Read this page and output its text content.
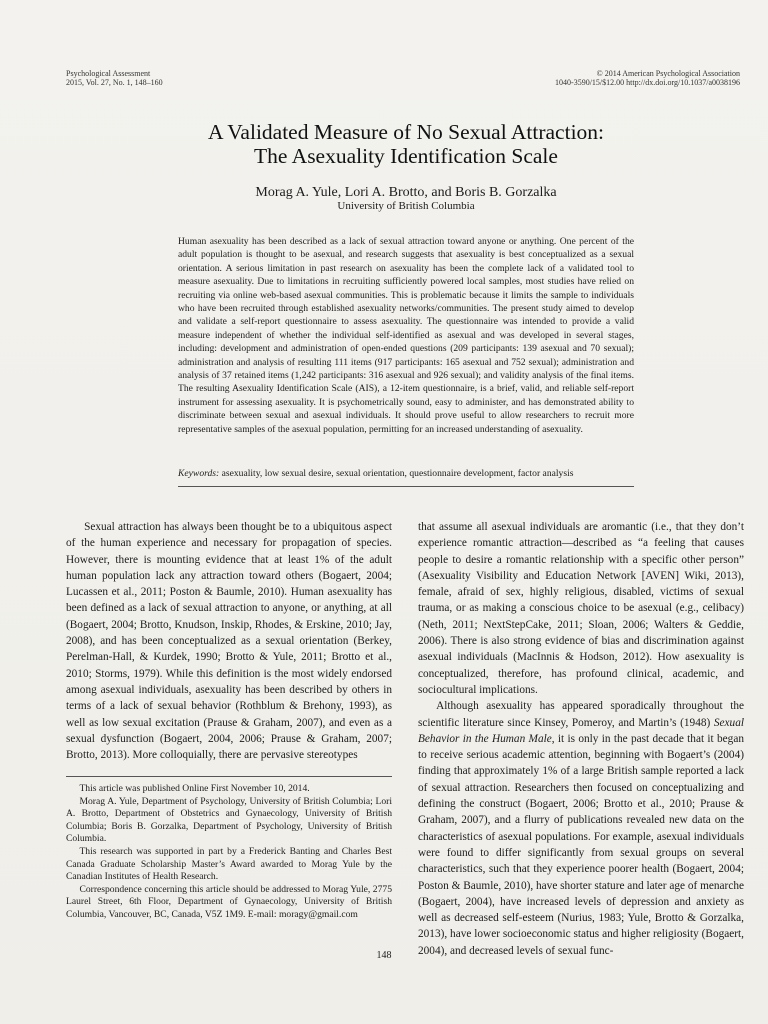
Psychological Assessment
2015, Vol. 27, No. 1, 148–160
© 2014 American Psychological Association
1040-3590/15/$12.00 http://dx.doi.org/10.1037/a0038196
A Validated Measure of No Sexual Attraction:
The Asexuality Identification Scale
Morag A. Yule, Lori A. Brotto, and Boris B. Gorzalka
University of British Columbia
Human asexuality has been described as a lack of sexual attraction toward anyone or anything. One percent of the adult population is thought to be asexual, and research suggests that asexuality is best conceptualized as a sexual orientation. A serious limitation in past research on asexuality has been the complete lack of a validated tool to measure asexuality. Due to limitations in recruiting sufficiently powered local samples, most studies have relied on recruiting via online web-based asexual communities. This is problematic because it limits the sample to individuals who have been recruited through established asexuality networks/communities. The present study aimed to develop and validate a self-report questionnaire to assess asexuality. The questionnaire was intended to provide a valid measure independent of whether the individual self-identified as asexual and was developed in several stages, including: development and administration of open-ended questions (209 participants: 139 asexual and 70 sexual); administration and analysis of resulting 111 items (917 participants: 165 asexual and 752 sexual); administration and analysis of 37 retained items (1,242 participants: 316 asexual and 926 sexual); and validity analysis of the final items. The resulting Asexuality Identification Scale (AIS), a 12-item questionnaire, is a brief, valid, and reliable self-report instrument for assessing asexuality. It is psychometrically sound, easy to administer, and has demonstrated ability to discriminate between sexual and asexual individuals. It should prove useful to allow researchers to recruit more representative samples of the asexual population, permitting for an increased understanding of asexuality.
Keywords: asexuality, low sexual desire, sexual orientation, questionnaire development, factor analysis

Sexual attraction has always been thought be to a ubiquitous aspect of the human experience and necessary for propagation of species. However, there is mounting evidence that at least 1% of the adult human population lack any attraction toward others (Bogaert, 2004; Lucassen et al., 2011; Poston & Baumle, 2010). Human asexuality has been defined as a lack of sexual attraction to anyone, or anything, at all (Bogaert, 2004; Brotto, Knudson, Inskip, Rhodes, & Erskine, 2010; Jay, 2008), and has been conceptualized as a sexual orientation (Berkey, Perelman-Hall, & Kurdek, 1990; Brotto & Yule, 2011; Brotto et al., 2010; Storms, 1979). While this definition is the most widely endorsed among asexual individuals, asexuality has been described by others in terms of a lack of sexual behavior (Rothblum & Brehony, 1993), as well as low sexual excitation (Prause & Graham, 2007), and even as a sexual dysfunction (Bogaert, 2004, 2006; Prause & Graham, 2007; Brotto, 2013). More colloquially, there are pervasive stereotypes

that assume all asexual individuals are aromantic (i.e., that they don’t experience romantic attraction—described as “a feeling that causes people to desire a romantic relationship with a specific other person” (Asexuality Visibility and Education Network [AVEN] Wiki, 2013), female, afraid of sex, highly religious, disabled, victims of sexual trauma, or as making a conscious choice to be asexual (e.g., celibacy) (Neth, 2011; NextStepCake, 2011; Sloan, 2006; Walters & Geddie, 2006). There is also strong evidence of bias and discrimination against asexual individuals (MacInnis & Hodson, 2012). How asexuality is conceptualized, therefore, has profound clinical, academic, and sociocultural implications.

Although asexuality has appeared sporadically throughout the scientific literature since Kinsey, Pomeroy, and Martin’s (1948) Sexual Behavior in the Human Male, it is only in the past decade that it began to receive serious academic attention, beginning with Bogaert’s (2004) finding that approximately 1% of a large British sample reported a lack of sexual attraction. Researchers then focused on conceptualizing and defining the construct (Bogaert, 2006; Brotto et al., 2010; Prause & Graham, 2007), and a flurry of publications revealed new data on the characteristics of asexual populations. For example, asexual individuals were found to differ significantly from sexual groups on several characteristics, such that they experience poorer health (Bogaert, 2004; Poston & Baumle, 2010), have shorter stature and later age of menarche (Bogaert, 2004), have increased levels of depression and anxiety as well as decreased self-esteem (Nurius, 1983; Yule, Brotto & Gorzalka, 2013), have lower socioeconomic status and higher religiosity (Bogaert, 2004), and decreased levels of sexual func-

This article was published Online First November 10, 2014.

Morag A. Yule, Department of Psychology, University of British Columbia; Lori A. Brotto, Department of Obstetrics and Gynaecology, University of British Columbia; Boris B. Gorzalka, Department of Psychology, University of British Columbia.

This research was supported in part by a Frederick Banting and Charles Best Canada Graduate Scholarship Master’s Award awarded to Morag Yule by the Canadian Institutes of Health Research.

Correspondence concerning this article should be addressed to Morag Yule, 2775 Laurel Street, 6th Floor, Department of Gynaecology, University of British Columbia, Vancouver, BC, Canada, V5Z 1M9. E-mail: moragy@gmail.com

148
